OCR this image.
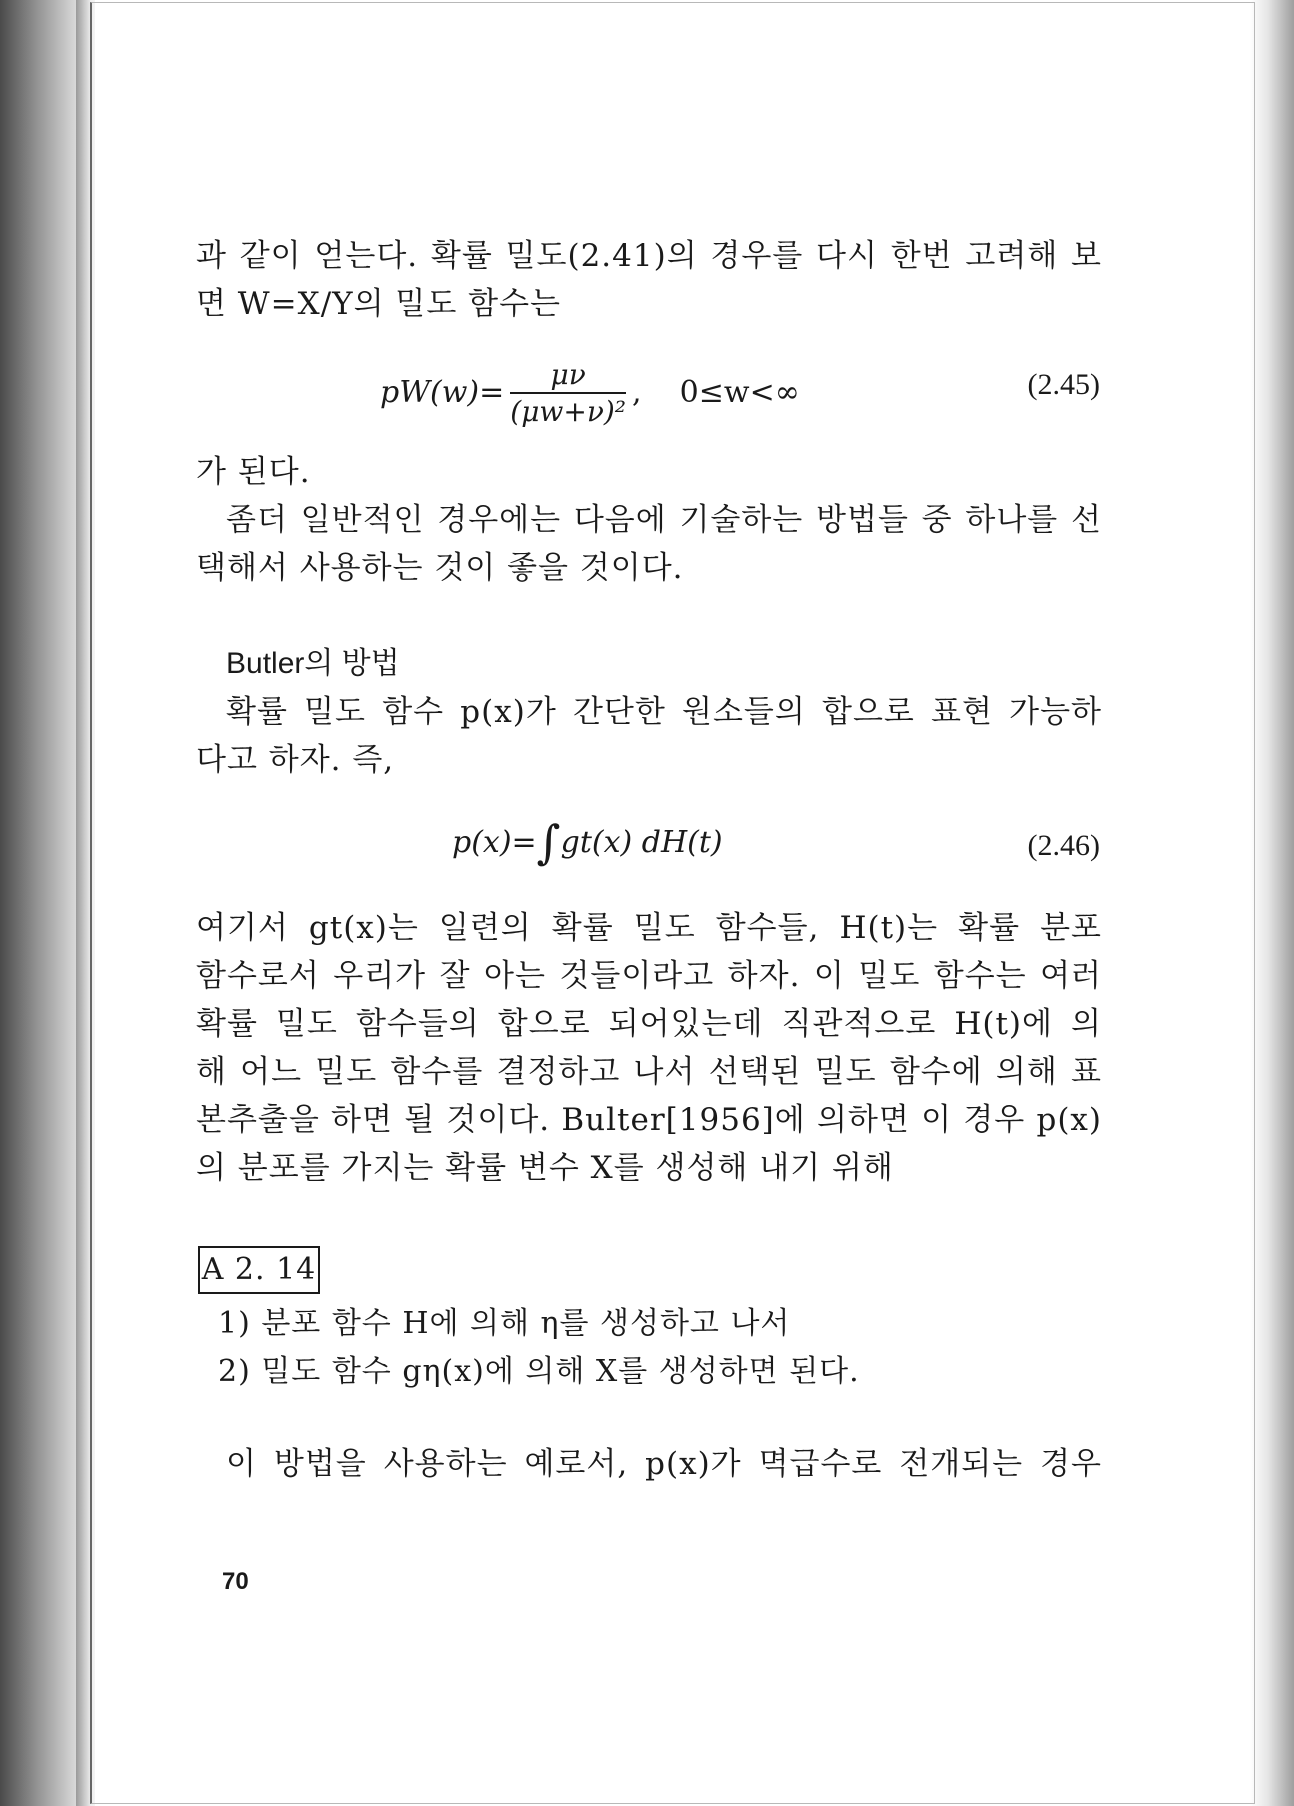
과 같이 얻는다. 확률 밀도(2.41)의 경우를 다시 한번 고려해 보
면 W=X/Y의 밀도 함수는
$pW(w)= \frac{\mu\nu}{\text{(μw+ν)²}}$ ,    0≤w<∞	(2.45)
가 된다.
좀더 일반적인 경우에는 다음에 기술하는 방법들 중 하나를 선
택해서 사용하는 것이 좋을 것이다.
Butler의 방법
확률 밀도 함수 p(x)가 간단한 원소들의 합으로 표현 가능하
다고 하자. 즉,
p(x)=∫gt(x) dH(t)	(2.46)
여기서 gt(x)는 일련의 확률 밀도 함수들, H(t)는 확률 분포
함수로서 우리가 잘 아는 것들이라고 하자. 이 밀도 함수는 여러
확률 밀도 함수들의 합으로 되어있는데 직관적으로 H(t)에 의
해 어느 밀도 함수를 결정하고 나서 선택된 밀도 함수에 의해 표
본추출을 하면 될 것이다. Bulter[1956]에 의하면 이 경우 p(x)
의 분포를 가지는 확률 변수 X를 생성해 내기 위해
A 2. 14
1) 분포 함수 H에 의해 η를 생성하고 나서
2) 밀도 함수 gη(x)에 의해 X를 생성하면 된다.
이 방법을 사용하는 예로서, p(x)가 멱급수로 전개되는 경우
70
